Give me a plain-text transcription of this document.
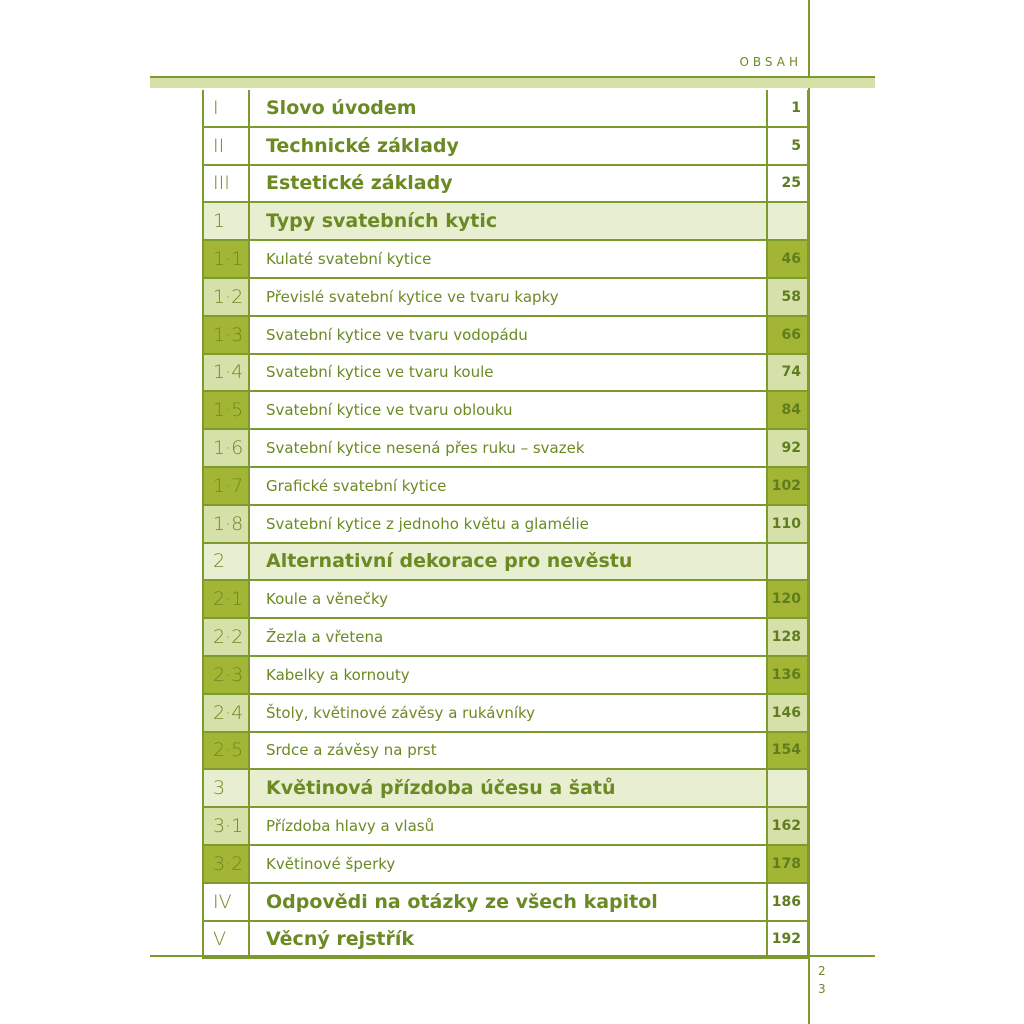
OBSAH
I	Slovo úvodem	1
II	Technické základy	5
III	Estetické základy	25
1	Typy svatebních kytic
1·1	Kulaté svatební kytice	46
1·2	Převislé svatební kytice ve tvaru kapky	58
1·3	Svatební kytice ve tvaru vodopádu	66
1·4	Svatební kytice ve tvaru koule	74
1·5	Svatební kytice ve tvaru oblouku	84
1·6	Svatební kytice nesená přes ruku – svazek	92
1·7	Grafické svatební kytice	102
1·8	Svatební kytice z jednoho květu a glamélie	110
2	Alternativní dekorace pro nevěstu
2·1	Koule a věnečky	120
2·2	Žezla a vřetena	128
2·3	Kabelky a kornouty	136
2·4	Štoly, květinové závěsy a rukávníky	146
2·5	Srdce a závěsy na prst	154
3	Květinová přízdoba účesu a šatů
3·1	Přízdoba hlavy a vlasů	162
3·2	Květinové šperky	178
IV	Odpovědi na otázky ze všech kapitol	186
V	Věcný rejstřík	192
2
3
